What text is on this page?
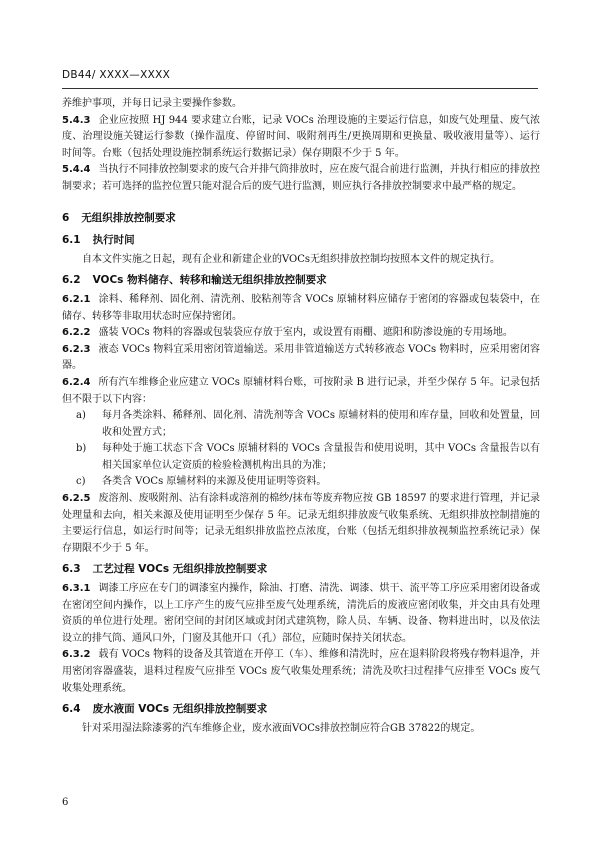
DB44/ XXXX—XXXX

养维护事项，并每日记录主要操作参数。

5.4.3 企业应按照 HJ 944 要求建立台账，记录 VOCs 治理设施的主要运行信息，如废气处理量、废气浓度、治理设施关键运行参数（操作温度、停留时间、吸附剂再生/更换周期和更换量、吸收液用量等）、运行时间等。台账（包括处理设施控制系统运行数据记录）保存期限不少于 5 年。

5.4.4 当执行不同排放控制要求的废气合并排气筒排放时，应在废气混合前进行监测，并执行相应的排放控制要求；若可选择的监控位置只能对混合后的废气进行监测，则应执行各排放控制要求中最严格的规定。

6 无组织排放控制要求
6.1 执行时间

自本文件实施之日起，现有企业和新建企业的VOCs无组织排放控制均按照本文件的规定执行。

6.2 VOCs 物料储存、转移和输送无组织排放控制要求

6.2.1 涂料、稀释剂、固化剂、清洗剂、胶粘剂等含 VOCs 原辅材料应储存于密闭的容器或包装袋中，在储存、转移等非取用状态时应保持密闭。

6.2.2 盛装 VOCs 物料的容器或包装袋应存放于室内，或设置有雨棚、遮阳和防渗设施的专用场地。

6.2.3 液态 VOCs 物料宜采用密闭管道输送。采用非管道输送方式转移液态 VOCs 物料时，应采用密闭容器。

6.2.4 所有汽车维修企业应建立 VOCs 原辅材料台账，可按附录 B 进行记录，并至少保存 5 年。记录包括但不限于以下内容：

a)	每月各类涂料、稀释剂、固化剂、清洗剂等含 VOCs 原辅材料的使用和库存量，回收和处置量，回收和处置方式；
b)	每种处于施工状态下含 VOCs 原辅材料的 VOCs 含量报告和使用说明，其中 VOCs 含量报告以有相关国家单位认定资质的检验检测机构出具的为准；
c)	各类含 VOCs 原辅材料的来源及使用证明等资料。

6.2.5 废溶剂、废吸附剂、沾有涂料或溶剂的棉纱/抹布等废弃物应按 GB 18597 的要求进行管理，并记录处理量和去向，相关来源及使用证明至少保存 5 年。记录无组织排放废气收集系统、无组织排放控制措施的主要运行信息，如运行时间等；记录无组织排放监控点浓度，台账（包括无组织排放视频监控系统记录）保存期限不少于 5 年。

6.3 工艺过程 VOCs 无组织排放控制要求

6.3.1 调漆工序应在专门的调漆室内操作，除油、打磨、清洗、调漆、烘干、流平等工序应采用密闭设备或在密闭空间内操作，以上工序产生的废气应排至废气处理系统，清洗后的废液应密闭收集，并交由具有处理资质的单位进行处理。密闭空间的封闭区域或封闭式建筑物，除人员、车辆、设备、物料进出时，以及依法设立的排气筒、通风口外，门窗及其他开口（孔）部位，应随时保持关闭状态。

6.3.2 载有 VOCs 物料的设备及其管道在开停工（车）、维修和清洗时，应在退料阶段将残存物料退净，并用密闭容器盛装，退料过程废气应排至 VOCs 废气收集处理系统；清洗及吹扫过程排气应排至 VOCs 废气收集处理系统。

6.4 废水液面 VOCs 无组织排放控制要求

针对采用湿法除漆雾的汽车维修企业，废水液面VOCs排放控制应符合GB 37822的规定。

6
